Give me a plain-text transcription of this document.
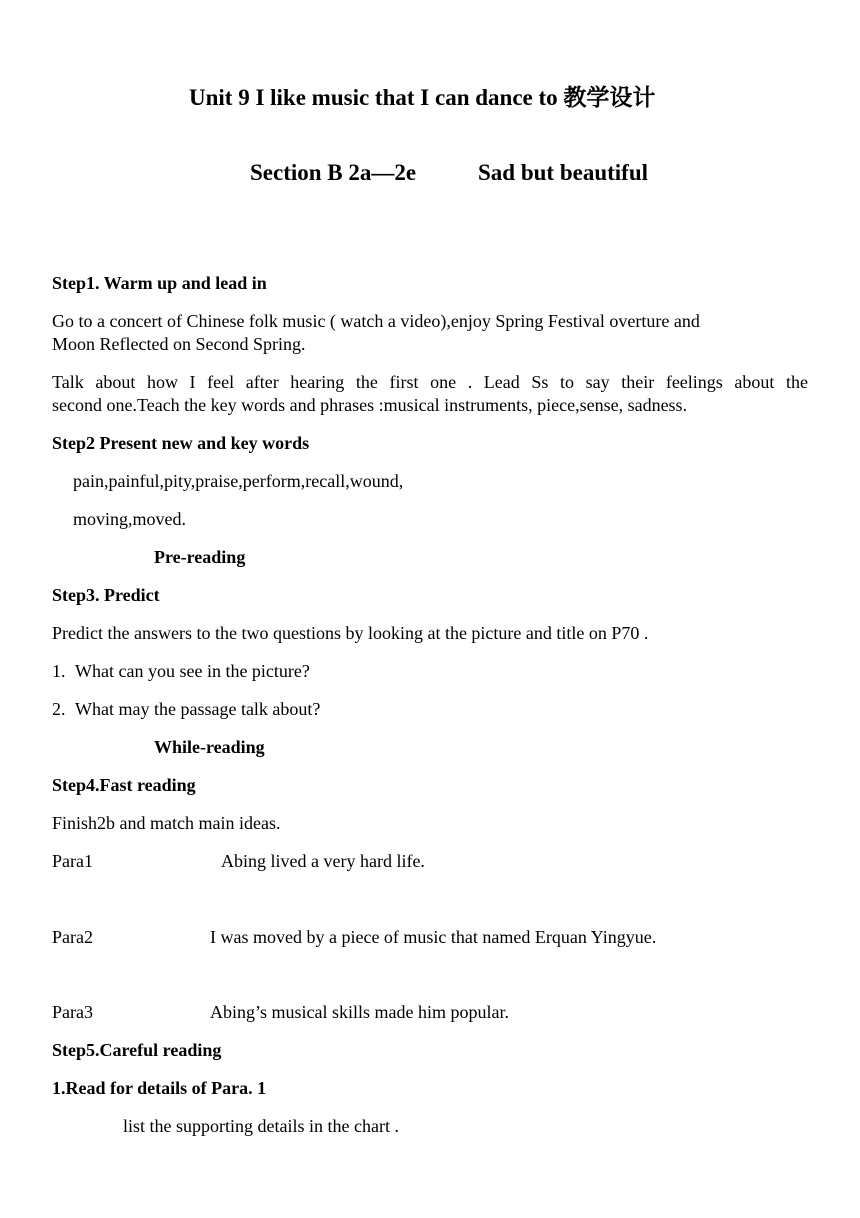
Unit 9 I like music that I can dance to 教学设计
Section B 2a—2e	Sad but beautiful
Step1. Warm up and lead in
Go to a concert of Chinese folk music ( watch a video),enjoy Spring Festival overture and
Moon Reflected on Second Spring.
Talk about how I feel after hearing the first one . Lead Ss to say their feelings about the
second one.Teach the key words and phrases :musical instruments, piece,sense, sadness.
Step2 Present new and key words
pain,painful,pity,praise,perform,recall,wound,
moving,moved.
Pre-reading
Step3. Predict
Predict the answers to the two questions by looking at the picture and title on P70 .
1. What can you see in the picture?
2. What may the passage talk about?
While-reading
Step4.Fast reading
Finish2b and match main ideas.
Para1	Abing lived a very hard life.
Para2	I was moved by a piece of music that named Erquan Yingyue.
Para3	Abing’s musical skills made him popular.
Step5.Careful reading
1.Read for details of Para. 1
list the supporting details in the chart .
